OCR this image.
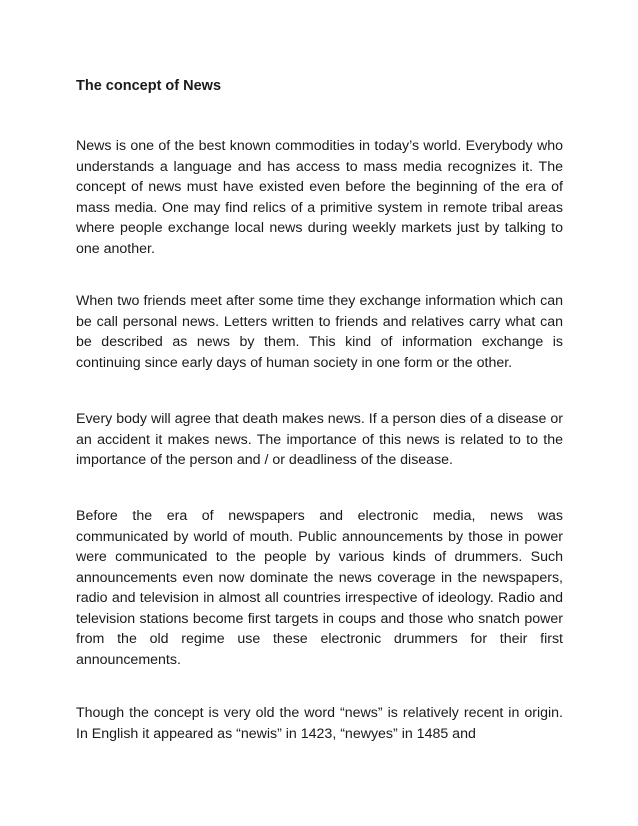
The concept of News

News is one of the best known commodities in today’s world. Everybody who understands a language and has access to mass media recognizes it. The concept of news must have existed even before the beginning of the era of mass media. One may find relics of a primitive system in remote tribal areas where people exchange local news during weekly markets just by talking to one another.

When two friends meet after some time they exchange information which can be call personal news. Letters written to friends and relatives carry what can be described as news by them. This kind of information exchange is continuing since early days of human society in one form or the other.

Every body will agree that death makes news. If a person dies of a disease or an accident it makes news. The importance of this news is related to to the importance of the person and / or deadliness of the disease.

Before the era of newspapers and electronic media, news was communicated by world of mouth. Public announcements by those in power were communicated to the people by various kinds of drummers. Such announcements even now dominate the news coverage in the newspapers, radio and television in almost all countries irrespective of ideology. Radio and television stations become first targets in coups and those who snatch power from the old regime use these electronic drummers for their first announcements.

Though the concept is very old the word “news” is relatively recent in origin. In English it appeared as “newis” in 1423, “newyes” in 1485 and
